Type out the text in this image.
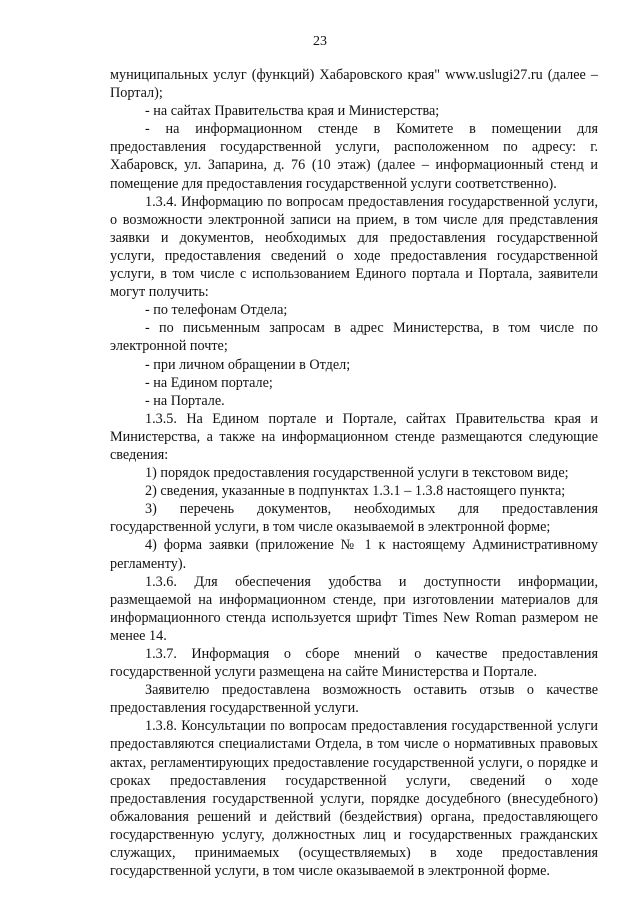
23

муниципальных услуг (функций) Хабаровского края" www.uslugi27.ru (далее – Портал);

- на сайтах Правительства края и Министерства;

- на информационном стенде в Комитете в помещении для предоставления государственной услуги, расположенном по адресу: г. Хабаровск, ул. Запарина, д. 76 (10 этаж) (далее – информационный стенд и помещение для предоставления государственной услуги соответственно).

1.3.4. Информацию по вопросам предоставления государственной услуги, о возможности электронной записи на прием, в том числе для представления заявки и документов, необходимых для предоставления государственной услуги, предоставления сведений о ходе предоставления государственной услуги, в том числе с использованием Единого портала и Портала, заявители могут получить:

- по телефонам Отдела;

- по письменным запросам в адрес Министерства, в том числе по электронной почте;

- при личном обращении в Отдел;

- на Едином портале;

- на Портале.

1.3.5. На Едином портале и Портале, сайтах Правительства края и Министерства, а также на информационном стенде размещаются следующие сведения:

1) порядок предоставления государственной услуги в текстовом виде;

2) сведения, указанные в подпунктах 1.3.1 – 1.3.8 настоящего пункта;

3) перечень документов, необходимых для предоставления государственной услуги, в том числе оказываемой в электронной форме;

4) форма заявки (приложение № 1 к настоящему Административному регламенту).

1.3.6. Для обеспечения удобства и доступности информации, размещаемой на информационном стенде, при изготовлении материалов для информационного стенда используется шрифт Times New Roman размером не менее 14.

1.3.7. Информация о сборе мнений о качестве предоставления государственной услуги размещена на сайте Министерства и Портале.

Заявителю предоставлена возможность оставить отзыв о качестве предоставления государственной услуги.

1.3.8. Консультации по вопросам предоставления государственной услуги предоставляются специалистами Отдела, в том числе о нормативных правовых актах, регламентирующих предоставление государственной услуги, о порядке и сроках предоставления государственной услуги, сведений о ходе предоставления государственной услуги, порядке досудебного (внесудебного) обжалования решений и действий (бездействия) органа, предоставляющего государственную услугу, должностных лиц и государственных гражданских служащих, принимаемых (осуществляемых) в ходе предоставления государственной услуги, в том числе оказываемой в электронной форме.
